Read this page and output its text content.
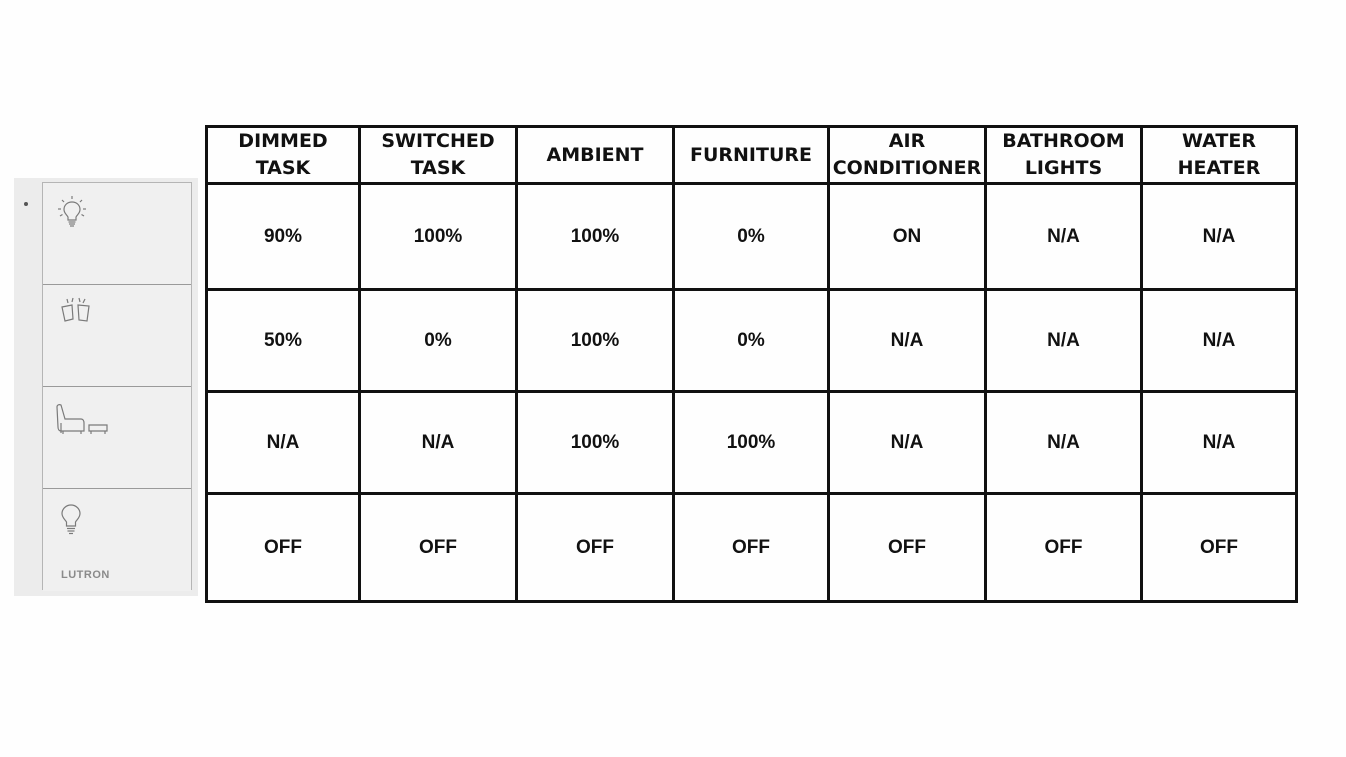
LUTRON
DIMMED TASK	SWITCHED TASK	AMBIENT	FURNITURE	AIR CONDITIONER	BATHROOM LIGHTS	WATER HEATER
90%	100%	100%	0%	ON	N/A	N/A
50%	0%	100%	0%	N/A	N/A	N/A
N/A	N/A	100%	100%	N/A	N/A	N/A
OFF	OFF	OFF	OFF	OFF	OFF	OFF
